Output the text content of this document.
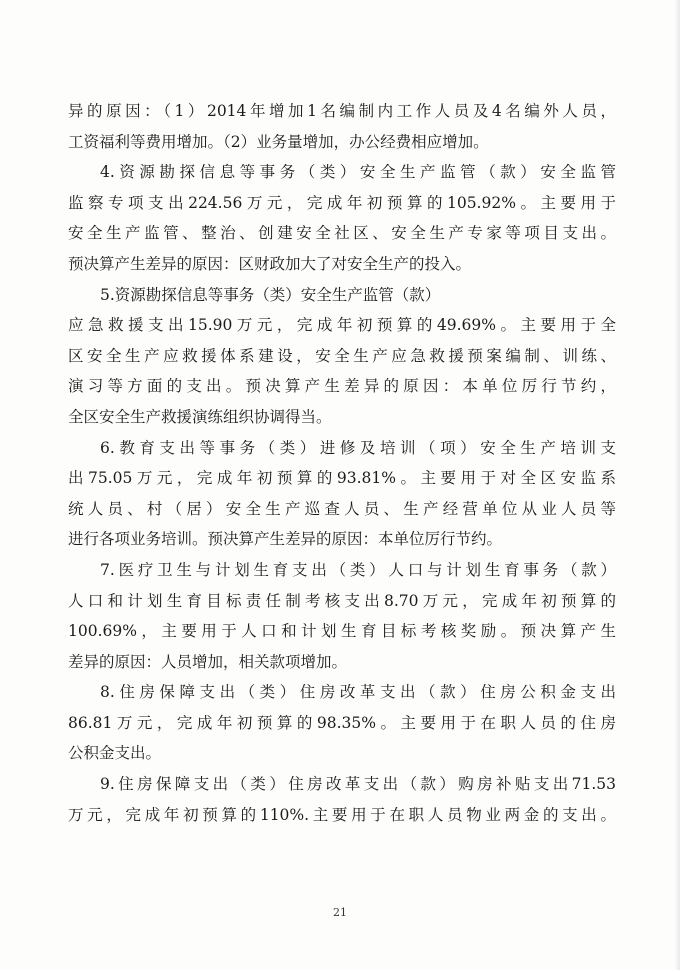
异的原因：（1）2014年增加1名编制内工作人员及4名编外人员，
工资福利等费用增加。（2）业务量增加，办公经费相应增加。
4.资源勘探信息等事务（类）安全生产监管（款）安全监管
监察专项支出224.56万元，完成年初预算的105.92%。主要用于
安全生产监管、整治、创建安全社区、安全生产专家等项目支出。
预决算产生差异的原因：区财政加大了对安全生产的投入。
5.资源勘探信息等事务（类）安全生产监管（款）
应急救援支出15.90万元，完成年初预算的49.69%。主要用于全
区安全生产应救援体系建设，安全生产应急救援预案编制、训练、
演习等方面的支出。预决算产生差异的原因：本单位厉行节约，
全区安全生产救援演练组织协调得当。
6.教育支出等事务（类）进修及培训（项）安全生产培训支
出75.05万元，完成年初预算的93.81%。主要用于对全区安监系
统人员、村（居）安全生产巡查人员、生产经营单位从业人员等
进行各项业务培训。预决算产生差异的原因：本单位厉行节约。
7.医疗卫生与计划生育支出（类）人口与计划生育事务（款）
人口和计划生育目标责任制考核支出8.70万元，完成年初预算的
100.69%，主要用于人口和计划生育目标考核奖励。预决算产生
差异的原因：人员增加，相关款项增加。
8.住房保障支出（类）住房改革支出（款）住房公积金支出
86.81万元，完成年初预算的98.35%。主要用于在职人员的住房
公积金支出。
9.住房保障支出（类）住房改革支出（款）购房补贴支出71.53
万元，完成年初预算的110%.主要用于在职人员物业两金的支出。
21
